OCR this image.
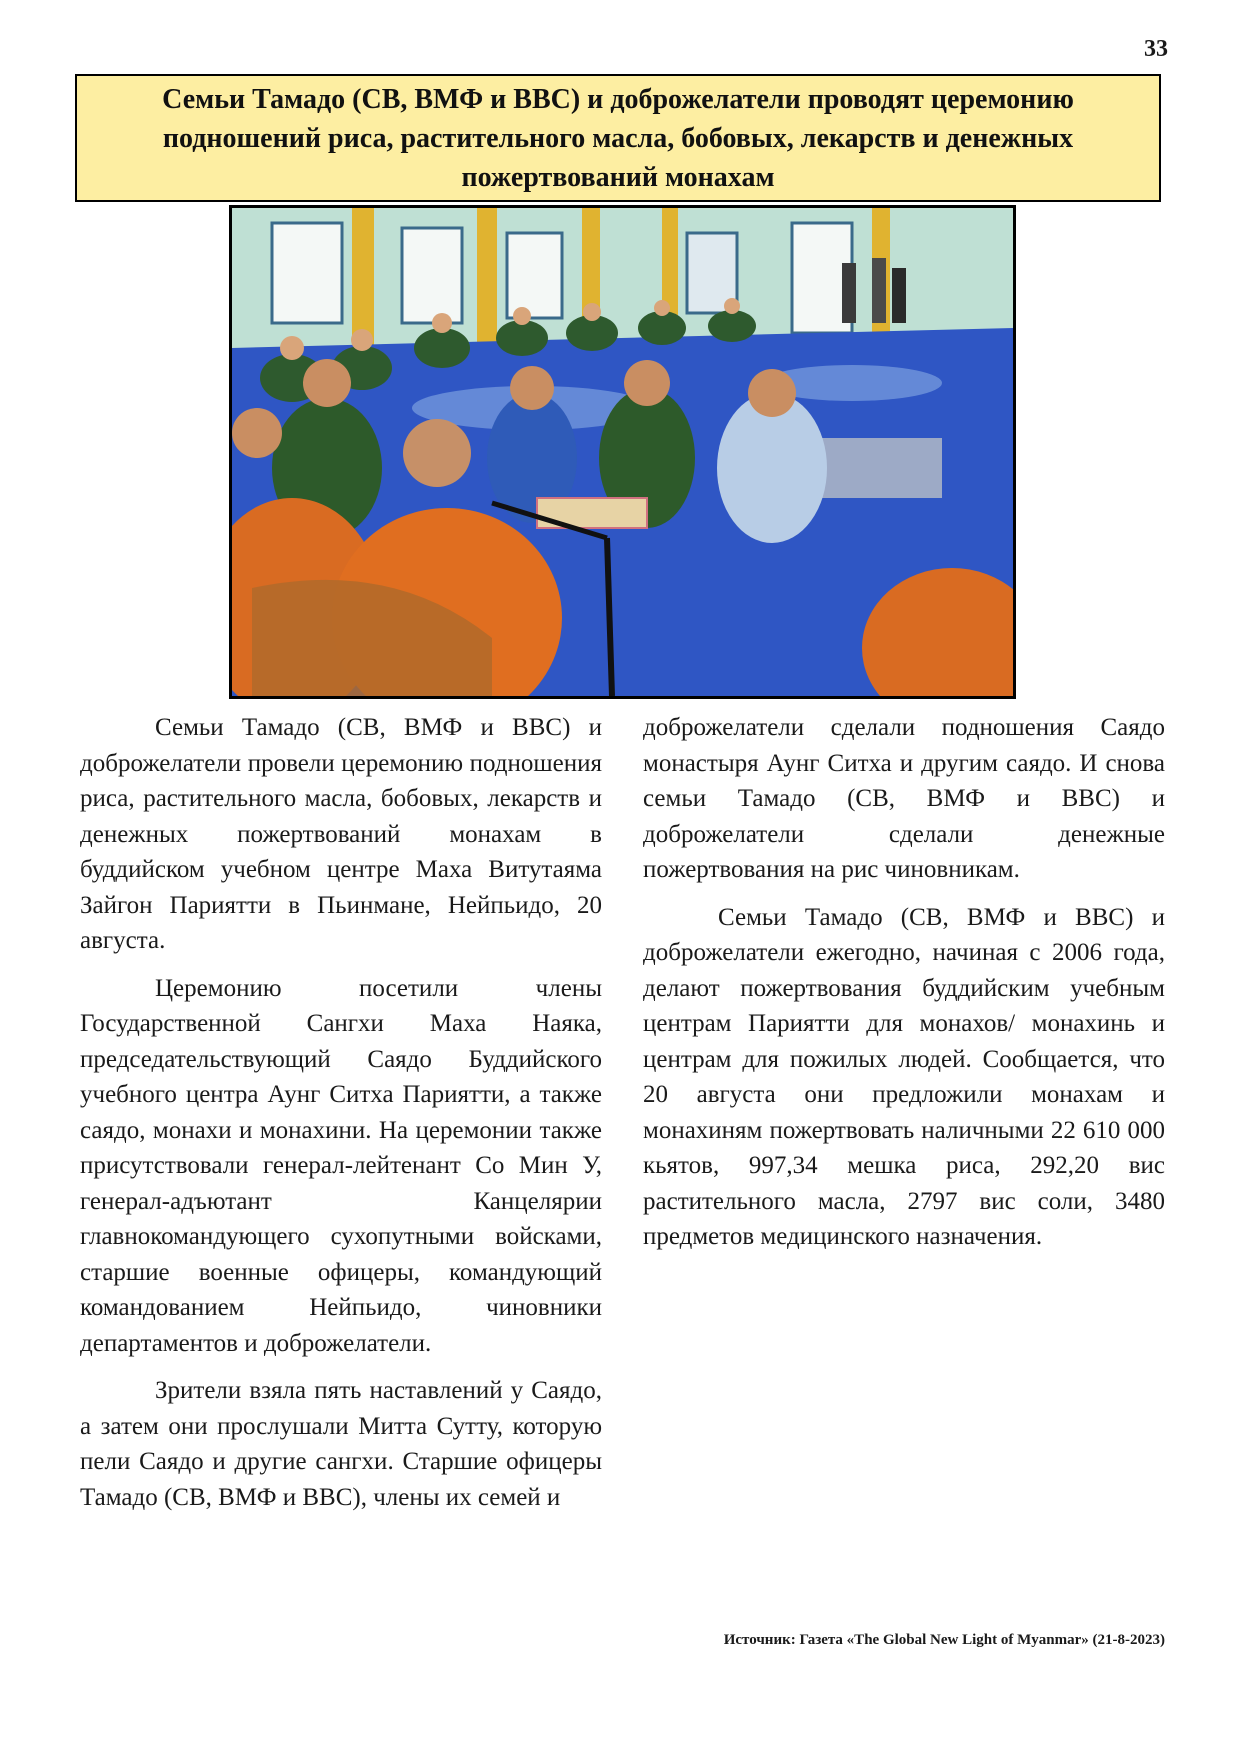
33
Семьи Тамадо (СВ, ВМФ и ВВС) и доброжелатели проводят церемонию подношений риса, растительного масла, бобовых, лекарств и денежных пожертвований монахам

Семьи Тамадо (СВ, ВМФ и ВВС) и доброжелатели провели церемонию подношения риса, растительного масла, бобовых, лекарств и денежных пожертвований монахам в буддийском учебном центре Маха Витутаяма Зайгон Париятти в Пьинмане, Нейпьидо, 20 августа.

Церемонию посетили члены Государственной Сангхи Маха Наяка, председательствующий Саядо Буддийского учебного центра Аунг Ситха Париятти, а также саядо, монахи и монахини. На церемонии также присутствовали генерал-лейтенант Со Мин У, генерал-адъютант Канцелярии главнокомандующего сухопутными войсками, старшие военные офицеры, командующий командованием Нейпьидо, чиновники департаментов и доброжелатели.

Зрители взяла пять наставлений у Саядо, а затем они прослушали Митта Сутту, которую пели Саядо и другие сангхи. Старшие офицеры Тамадо (СВ, ВМФ и ВВС), члены их семей и

доброжелатели сделали подношения Саядо монастыря Аунг Ситха и другим саядо. И снова семьи Тамадо (СВ, ВМФ и ВВС) и доброжелатели сделали денежные пожертвования на рис чиновникам.

Семьи Тамадо (СВ, ВМФ и ВВС) и доброжелатели ежегодно, начиная с 2006 года, делают пожертвования буддийским учебным центрам Париятти для монахов/ монахинь и центрам для пожилых людей. Сообщается, что 20 августа они предложили монахам и монахиням пожертвовать наличными 22 610 000 кьятов, 997,34 мешка риса, 292,20 вис растительного масла, 2797 вис соли, 3480 предметов медицинского назначения.

Источник: Газета «The Global New Light of Myanmar» (21-8-2023)
